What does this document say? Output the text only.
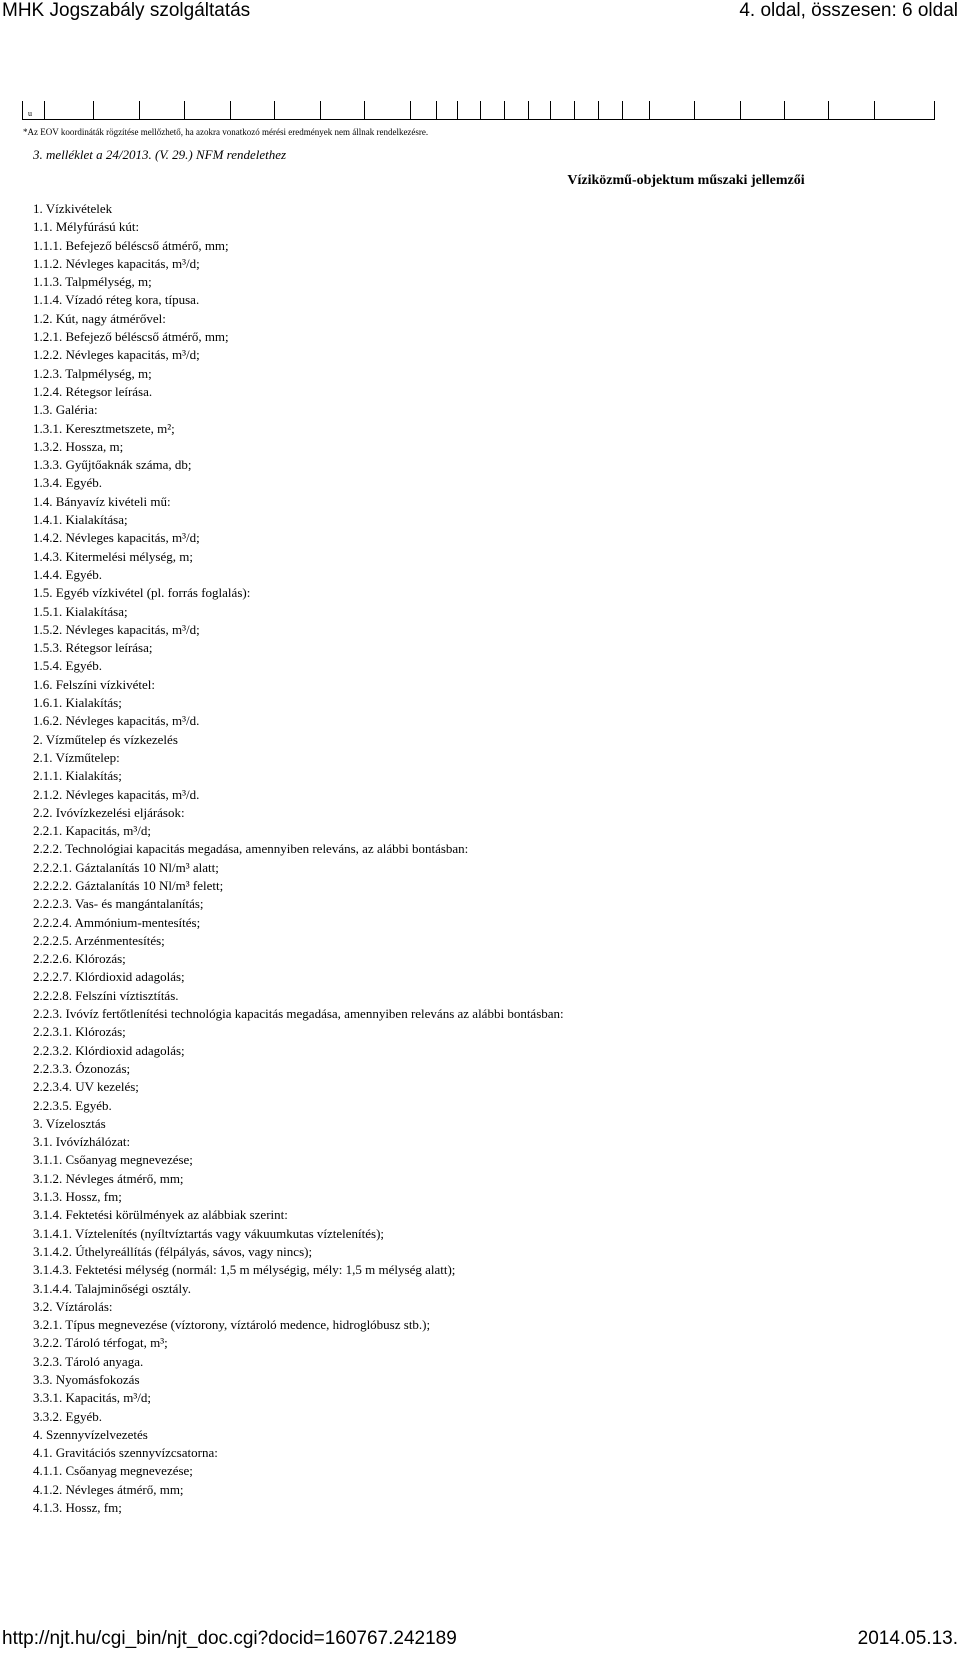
MHK Jogszabály szolgáltatás	4. oldal, összesen: 6 oldal
u
*Az EOV koordináták rögzítése mellőzhető, ha azokra vonatkozó mérési eredmények nem állnak rendelkezésre.
3. melléklet a 24/2013. (V. 29.) NFM rendelethez
Víziközmű-objektum műszaki jellemzői
1. Vízkivételek
1.1. Mélyfúrású kút:
1.1.1. Befejező béléscső átmérő, mm;
1.1.2. Névleges kapacitás, m³/d;
1.1.3. Talpmélység, m;
1.1.4. Vízadó réteg kora, típusa.
1.2. Kút, nagy átmérővel:
1.2.1. Befejező béléscső átmérő, mm;
1.2.2. Névleges kapacitás, m³/d;
1.2.3. Talpmélység, m;
1.2.4. Rétegsor leírása.
1.3. Galéria:
1.3.1. Keresztmetszete, m²;
1.3.2. Hossza, m;
1.3.3. Gyűjtőaknák száma, db;
1.3.4. Egyéb.
1.4. Bányavíz kivételi mű:
1.4.1. Kialakítása;
1.4.2. Névleges kapacitás, m³/d;
1.4.3. Kitermelési mélység, m;
1.4.4. Egyéb.
1.5. Egyéb vízkivétel (pl. forrás foglalás):
1.5.1. Kialakítása;
1.5.2. Névleges kapacitás, m³/d;
1.5.3. Rétegsor leírása;
1.5.4. Egyéb.
1.6. Felszíni vízkivétel:
1.6.1. Kialakítás;
1.6.2. Névleges kapacitás, m³/d.
2. Vízműtelep és vízkezelés
2.1. Vízműtelep:
2.1.1. Kialakítás;
2.1.2. Névleges kapacitás, m³/d.
2.2. Ivóvízkezelési eljárások:
2.2.1. Kapacitás, m³/d;
2.2.2. Technológiai kapacitás megadása, amennyiben releváns, az alábbi bontásban:
2.2.2.1. Gáztalanítás 10 Nl/m³ alatt;
2.2.2.2. Gáztalanítás 10 Nl/m³ felett;
2.2.2.3. Vas- és mangántalanítás;
2.2.2.4. Ammónium-mentesítés;
2.2.2.5. Arzénmentesítés;
2.2.2.6. Klórozás;
2.2.2.7. Klórdioxid adagolás;
2.2.2.8. Felszíni víztisztítás.
2.2.3. Ivóvíz fertőtlenítési technológia kapacitás megadása, amennyiben releváns az alábbi bontásban:
2.2.3.1. Klórozás;
2.2.3.2. Klórdioxid adagolás;
2.2.3.3. Ózonozás;
2.2.3.4. UV kezelés;
2.2.3.5. Egyéb.
3. Vízelosztás
3.1. Ivóvízhálózat:
3.1.1. Csőanyag megnevezése;
3.1.2. Névleges átmérő, mm;
3.1.3. Hossz, fm;
3.1.4. Fektetési körülmények az alábbiak szerint:
3.1.4.1. Víztelenítés (nyíltvíztartás vagy vákuumkutas víztelenítés);
3.1.4.2. Úthelyreállítás (félpályás, sávos, vagy nincs);
3.1.4.3. Fektetési mélység (normál: 1,5 m mélységig, mély: 1,5 m mélység alatt);
3.1.4.4. Talajminőségi osztály.
3.2. Víztárolás:
3.2.1. Típus megnevezése (víztorony, víztároló medence, hidroglóbusz stb.);
3.2.2. Tároló térfogat, m³;
3.2.3. Tároló anyaga.
3.3. Nyomásfokozás
3.3.1. Kapacitás, m³/d;
3.3.2. Egyéb.
4. Szennyvízelvezetés
4.1. Gravitációs szennyvízcsatorna:
4.1.1. Csőanyag megnevezése;
4.1.2. Névleges átmérő, mm;
4.1.3. Hossz, fm;
http://njt.hu/cgi_bin/njt_doc.cgi?docid=160767.242189	2014.05.13.
